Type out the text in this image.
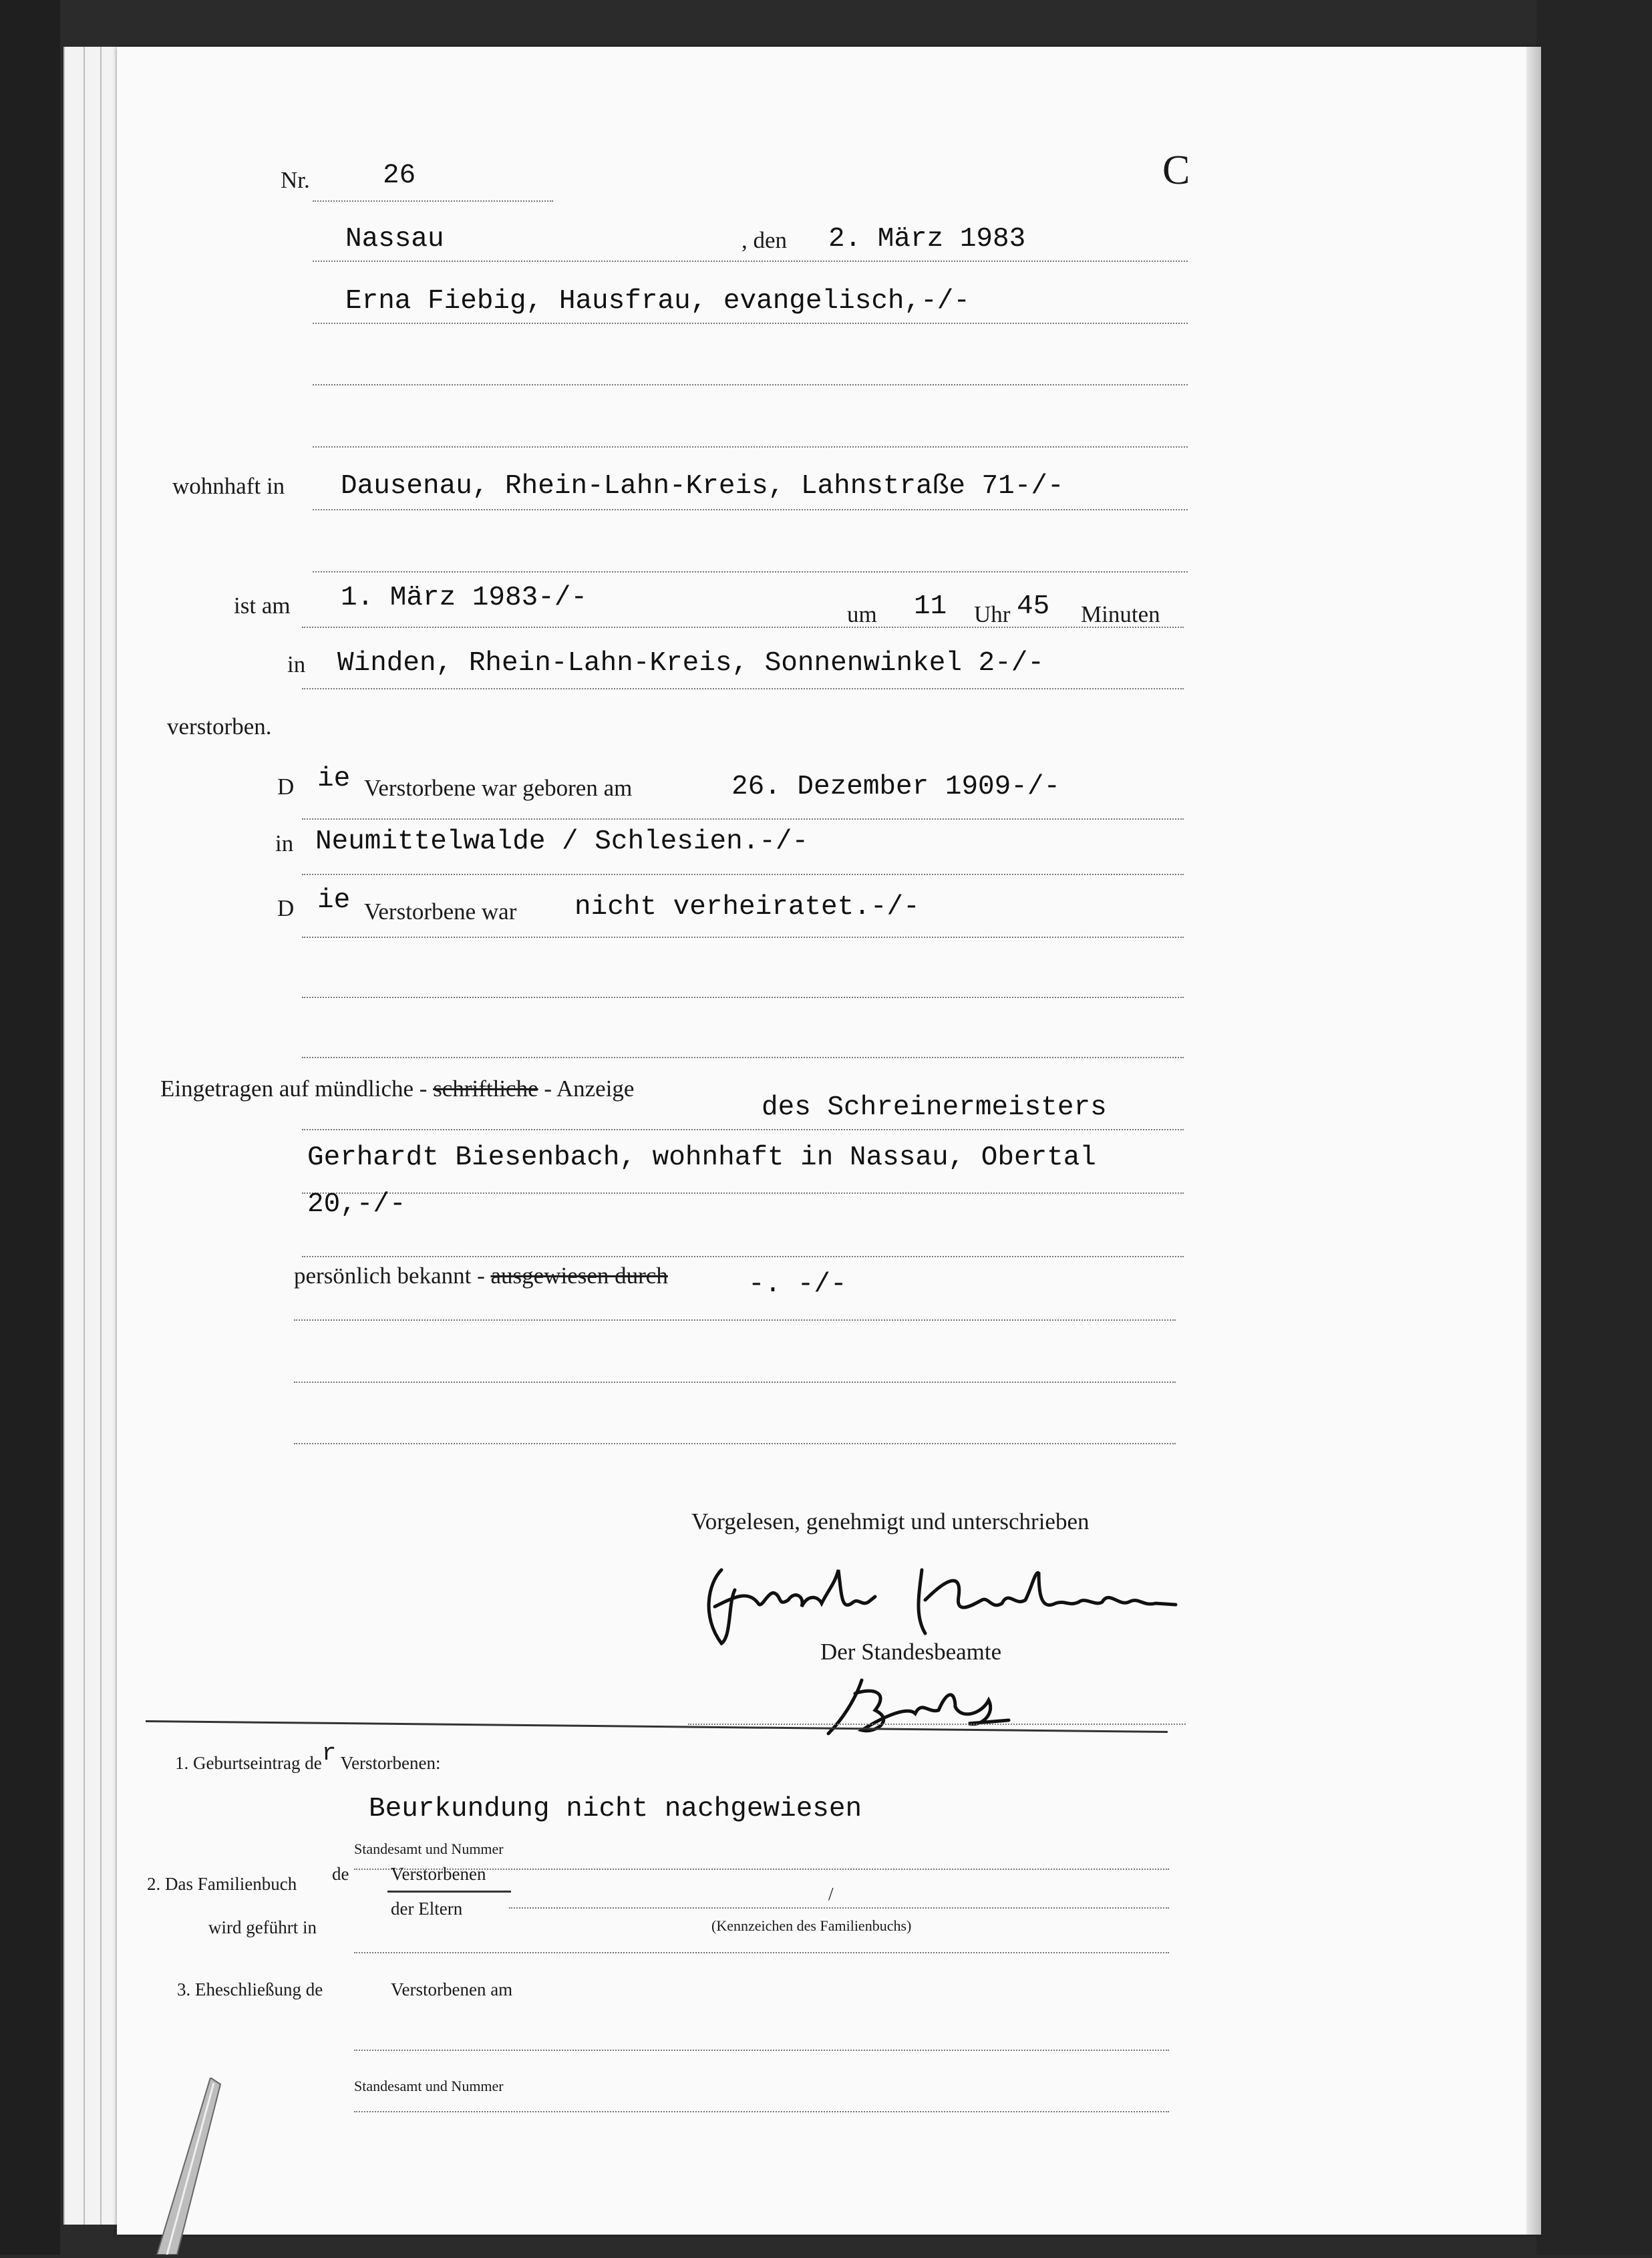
Nr.	26	C
Nassau	, den 2. März 1983
Erna Fiebig, Hausfrau, evangelisch,-/-
wohnhaft in Dausenau, Rhein-Lahn-Kreis, Lahnstraße 71-/-
ist am 1. März 1983-/-
um 11 Uhr 45 Minuten
in Winden, Rhein-Lahn-Kreis, Sonnenwinkel 2-/-
verstorben.
D ie Verstorbene war geboren am	26. Dezember 1909-/-
in Neumittelwalde / Schlesien.-/-
D ie Verstorbene war nicht verheiratet.-/-
Eingetragen auf mündliche - schriftliche - Anzeige
des Schreinermeisters
Gerhardt Biesenbach, wohnhaft in Nassau, Obertal
20,-/-
persönlich bekannt - ausgewiesen durch	-. -/-
Vorgelesen, genehmigt und unterschrieben
Der Standesbeamte
1. Geburtseintrag der Verstorbenen:
Beurkundung nicht nachgewiesen
Standesamt und Nummer
2. Das Familienbuch de Verstorbenen
der Eltern
/
(Kennzeichen des Familienbuchs)
wird geführt in
3. Eheschließung de	Verstorbenen am
Standesamt und Nummer
